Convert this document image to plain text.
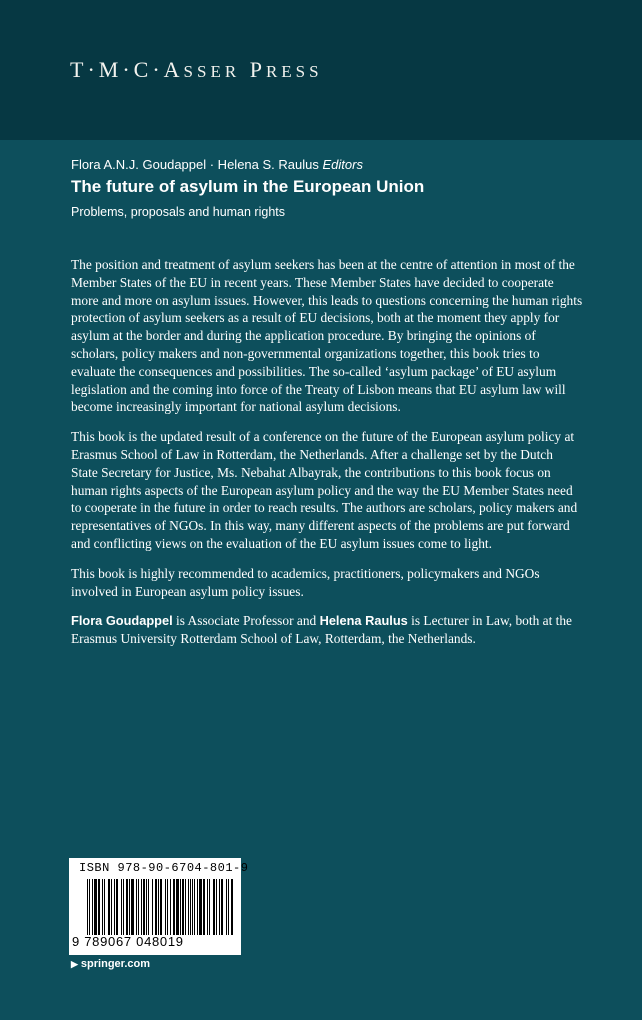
T·M·C·ASSER PRESS
Flora A.N.J. Goudappel · Helena S. Raulus Editors
The future of asylum in the European Union
Problems, proposals and human rights

The position and treatment of asylum seekers has been at the centre of attention in most of the Member States of the EU in recent years. These Member States have decided to cooperate more and more on asylum issues. However, this leads to questions concerning the human rights protection of asylum seekers as a result of EU decisions, both at the moment they apply for asylum at the border and during the application procedure. By bringing the opinions of scholars, policy makers and non-governmental organizations together, this book tries to evaluate the consequences and possibilities. The so-called ‘asylum package’ of EU asylum legislation and the coming into force of the Treaty of Lisbon means that EU asylum law will become increasingly important for national asylum decisions.

This book is the updated result of a conference on the future of the European asylum policy at Erasmus School of Law in Rotterdam, the Netherlands. After a challenge set by the Dutch State Secretary for Justice, Ms. Nebahat Albayrak, the contributions to this book focus on human rights aspects of the European asylum policy and the way the EU Member States need to cooperate in the future in order to reach results. The authors are scholars, policy makers and representatives of NGOs. In this way, many different aspects of the problems are put forward and conflicting views on the evaluation of the EU asylum issues come to light.

This book is highly recommended to academics, practitioners, policymakers and NGOs involved in European asylum policy issues.

Flora Goudappel is Associate Professor and Helena Raulus is Lecturer in Law, both at the Erasmus University Rotterdam School of Law, Rotterdam, the Netherlands.

ISBN 978-90-6704-801-9
9 789067 048019
▶ springer.com
